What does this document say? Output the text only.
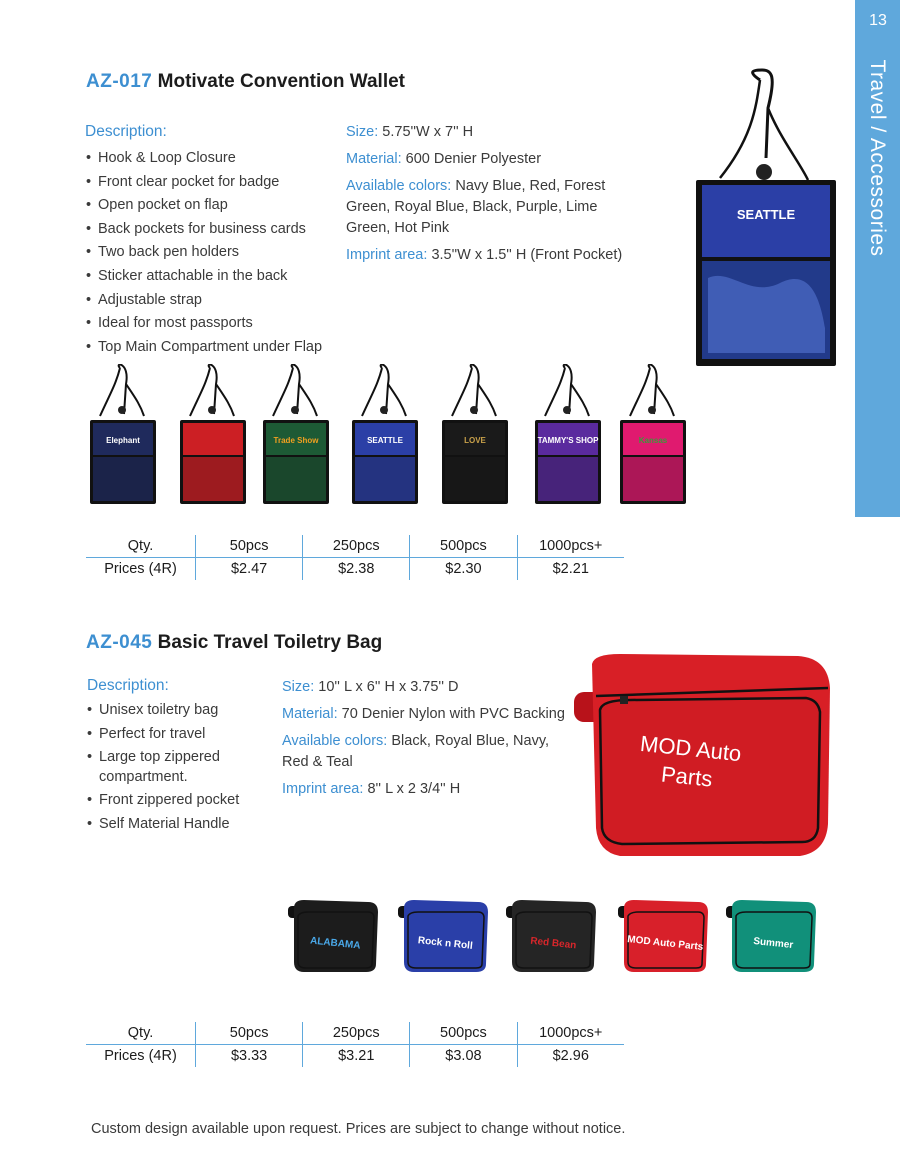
13
Travel / Accessories
AZ-017 Motivate Convention Wallet
Description:
• Hook & Loop Closure
• Front clear pocket for badge
• Open pocket on flap
• Back pockets for business cards
• Two back pen holders
• Sticker attachable in the back
• Adjustable strap
• Ideal for most passports
• Top Main Compartment under Flap
Size: 5.75''W x 7'' H
Material: 600 Denier Polyester
Available colors: Navy Blue, Red, Forest Green, Royal Blue, Black, Purple, Lime Green, Hot Pink
Imprint area: 3.5''W x 1.5'' H (Front Pocket)
SEATTLE
Elephant	Trade Show	SEATTLE	LOVE	TAMMY'S SHOP	Kansas
Qty.	50pcs	250pcs	500pcs	1000pcs+
Prices (4R)	$2.47	$2.38	$2.30	$2.21
AZ-045 Basic Travel Toiletry Bag
Description:
• Unisex toiletry bag
• Perfect for travel
• Large top zippered compartment.
• Front zippered pocket
• Self Material Handle
Size: 10'' L x 6'' H x 3.75'' D
Material: 70 Denier Nylon with PVC Backing
Available colors: Black, Royal Blue, Navy, Red & Teal
Imprint area: 8'' L x 2 3/4'' H
MOD Auto
Parts
ALABAMA	Rock n Roll	Red Bean	MOD Auto Parts	Summer
Qty.	50pcs	250pcs	500pcs	1000pcs+
Prices (4R)	$3.33	$3.21	$3.08	$2.96
Custom design available upon request. Prices are subject to change without notice.
